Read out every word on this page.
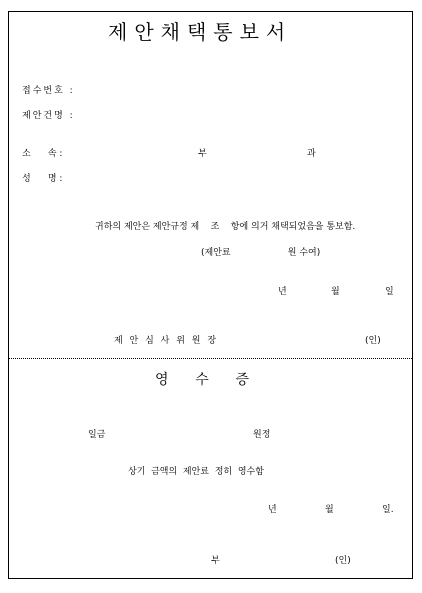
제안채택통보서
접수번호 :
제안건명 :
소      속 :	부	과
성      명 :
귀하의 제안은 제안규정 제    조    항에 의거 채택되었음을 통보함.
(제안료                    원 수여)
년	월	일
제 안 심 사 위 원 장	(인)
영      수      증
일금	원정
상기  금액의  제안료  정히  영수함
년	월	일.
부	(인)
